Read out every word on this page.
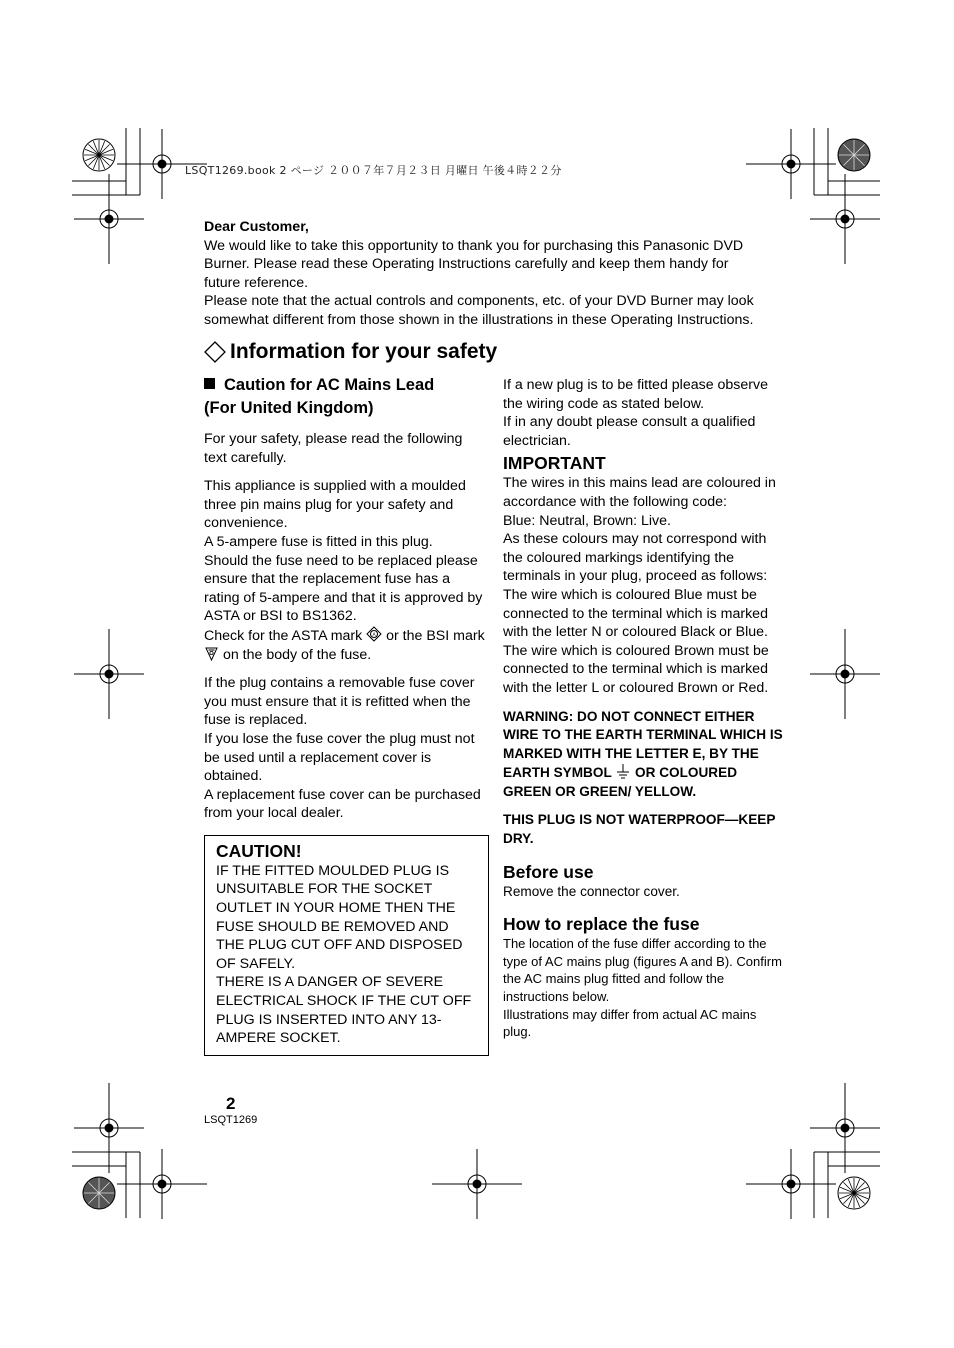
LSQT1269.book 2 ページ ２００７年７月２３日 月曜日 午後４時２２分

Dear Customer,

We would like to take this opportunity to thank you for purchasing this Panasonic DVD

Burner. Please read these Operating Instructions carefully and keep them handy for

future reference.

Please note that the actual controls and components, etc. of your DVD Burner may look

somewhat different from those shown in the illustrations in these Operating Instructions.

Information for your safety

Caution for AC Mains Lead

(For United Kingdom)

For your safety, please read the following text carefully.

This appliance is supplied with a moulded three pin mains plug for your safety and convenience.

A 5-ampere fuse is fitted in this plug.

Should the fuse need to be replaced please ensure that the replacement fuse has a rating of 5-ampere and that it is approved by ASTA or BSI to BS1362.

Check for the ASTA mark A or the BSI mark  on the body of the fuse.

If the plug contains a removable fuse cover you must ensure that it is refitted when the fuse is replaced.

If you lose the fuse cover the plug must not be used until a replacement cover is obtained.

A replacement fuse cover can be purchased from your local dealer.

CAUTION!

IF THE FITTED MOULDED PLUG IS UNSUITABLE FOR THE SOCKET OUTLET IN YOUR HOME THEN THE FUSE SHOULD BE REMOVED AND THE PLUG CUT OFF AND DISPOSED OF SAFELY.

THERE IS A DANGER OF SEVERE ELECTRICAL SHOCK IF THE CUT OFF PLUG IS INSERTED INTO ANY 13-AMPERE SOCKET.

If a new plug is to be fitted please observe the wiring code as stated below.

If in any doubt please consult a qualified electrician.

IMPORTANT

The wires in this mains lead are coloured in accordance with the following code:

Blue: Neutral, Brown: Live.

As these colours may not correspond with the coloured markings identifying the terminals in your plug, proceed as follows:

The wire which is coloured Blue must be connected to the terminal which is marked with the letter N or coloured Black or Blue.

The wire which is coloured Brown must be connected to the terminal which is marked with the letter L or coloured Brown or Red.

WARNING: DO NOT CONNECT EITHER WIRE TO THE EARTH TERMINAL WHICH IS MARKED WITH THE LETTER E, BY THE EARTH SYMBOL  OR COLOURED GREEN OR GREEN/ YELLOW.

THIS PLUG IS NOT WATERPROOF—KEEP DRY.

Before use

Remove the connector cover.

How to replace the fuse

The location of the fuse differ according to the type of AC mains plug (figures A and B). Confirm the AC mains plug fitted and follow the instructions below.

Illustrations may differ from actual AC mains plug.

2
LSQT1269
